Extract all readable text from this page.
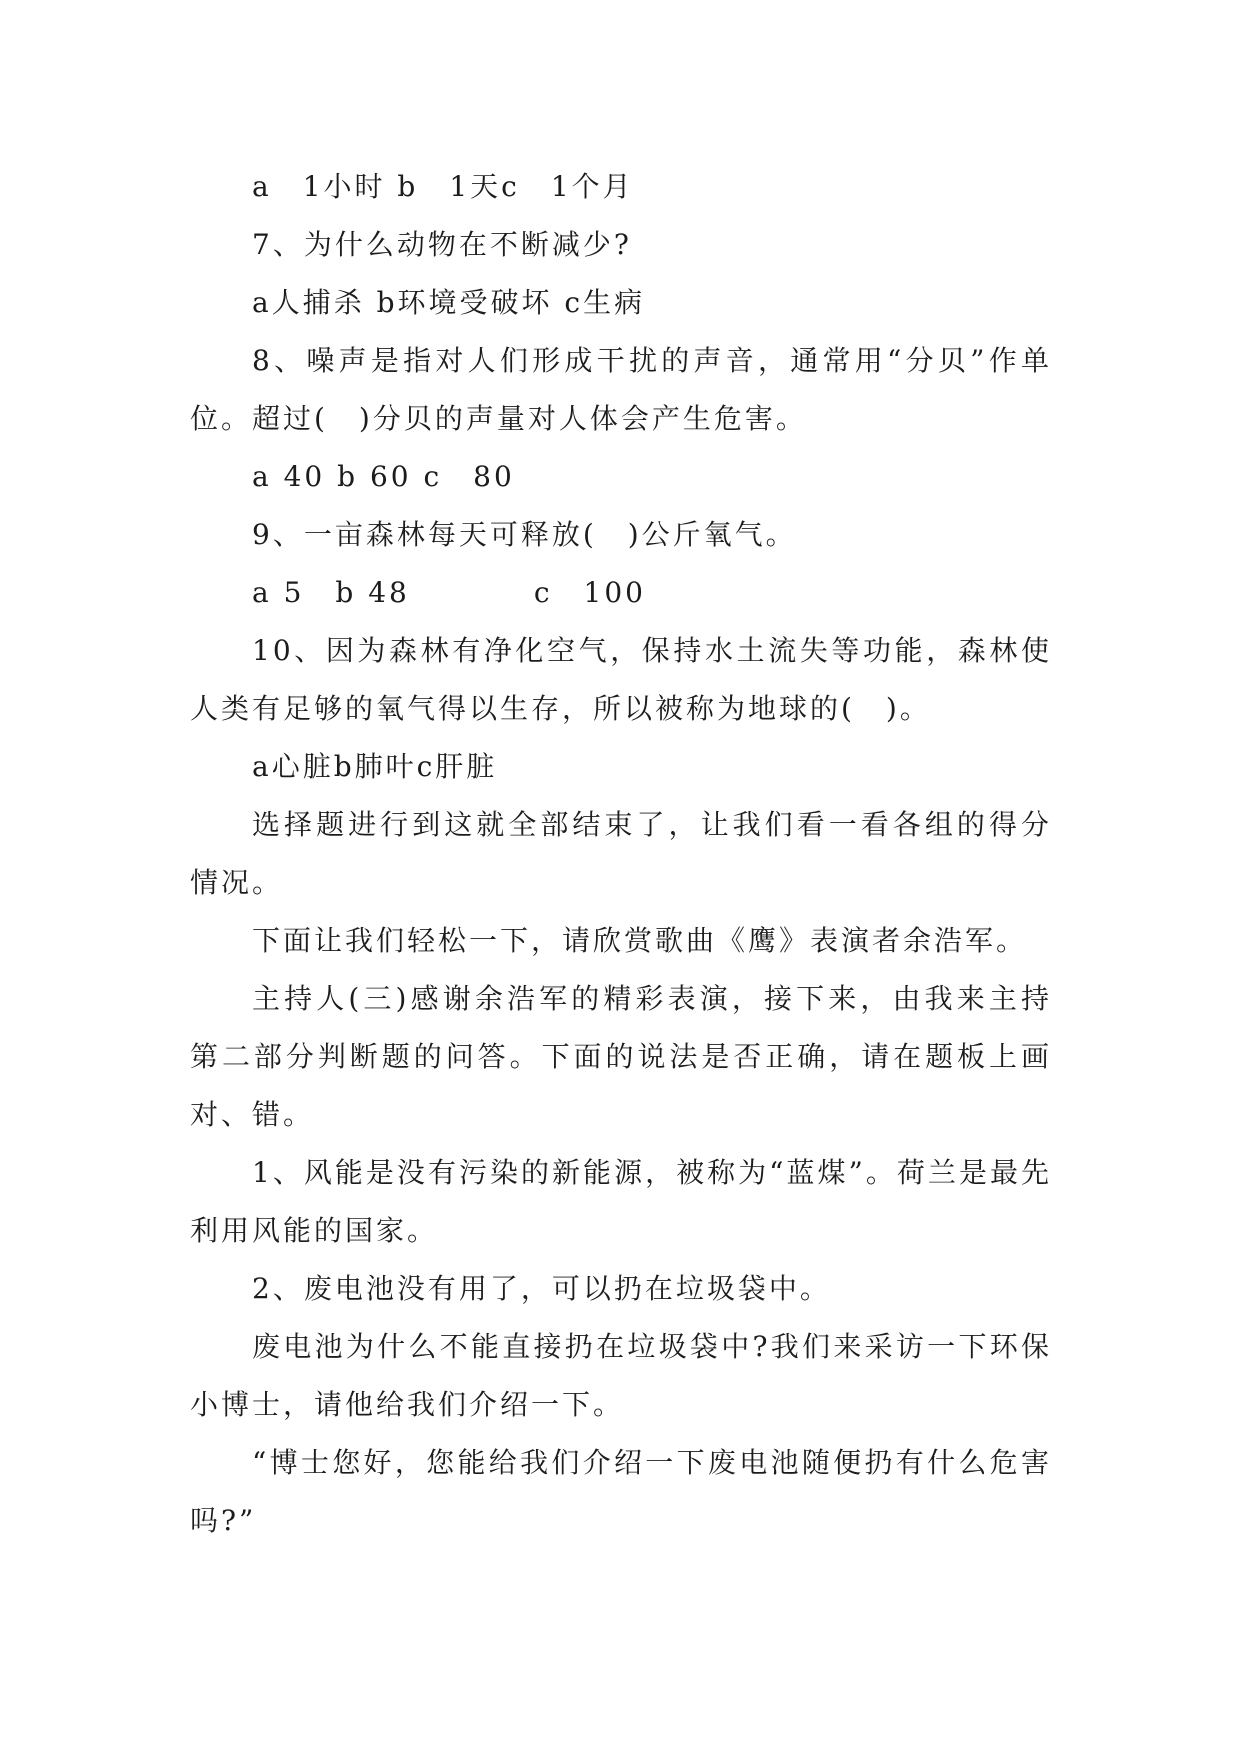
a　1小时 b　1天c　1个月

7、为什么动物在不断减少?

a人捕杀 b环境受破坏 c生病

8、噪声是指对人们形成干扰的声音，通常用“分贝”作单位。超过(　)分贝的声量对人体会产生危害。

a 40 b 60 c　80

9、一亩森林每天可释放(　)公斤氧气。

a 5　b 48　　　　c　100

10、因为森林有净化空气，保持水土流失等功能，森林使人类有足够的氧气得以生存，所以被称为地球的(　)。

a心脏b肺叶c肝脏

选择题进行到这就全部结束了，让我们看一看各组的得分情况。

下面让我们轻松一下，请欣赏歌曲《鹰》表演者余浩军。

主持人(三)感谢余浩军的精彩表演，接下来，由我来主持第二部分判断题的问答。下面的说法是否正确，请在题板上画对、错。

1、风能是没有污染的新能源，被称为“蓝煤”。荷兰是最先利用风能的国家。

2、废电池没有用了，可以扔在垃圾袋中。

废电池为什么不能直接扔在垃圾袋中?我们来采访一下环保小博士，请他给我们介绍一下。

“博士您好，您能给我们介绍一下废电池随便扔有什么危害吗?”
